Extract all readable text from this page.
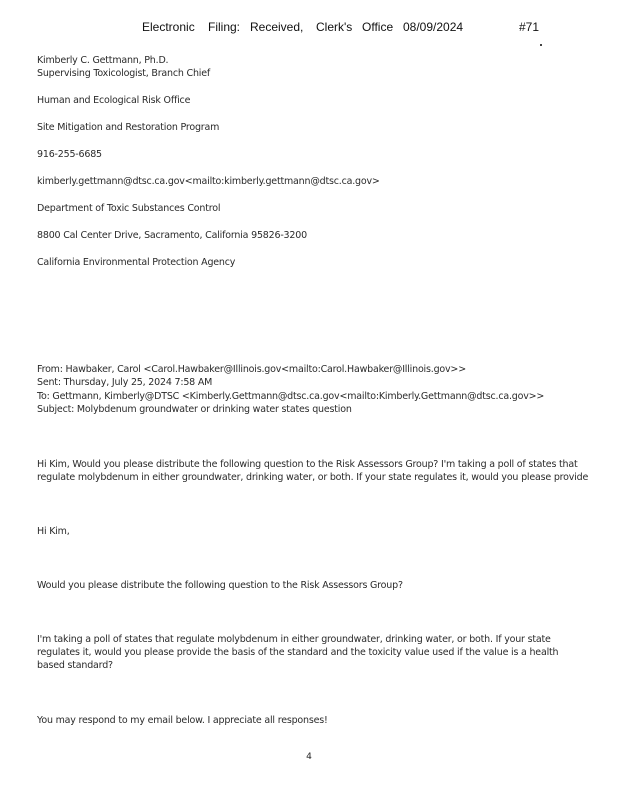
Electronic Filing: Received, Clerk's Office 08/09/2024	#71
Kimberly C. Gettmann, Ph.D.
Supervising Toxicologist, Branch Chief
Human and Ecological Risk Office
Site Mitigation and Restoration Program
916-255-6685
kimberly.gettmann@dtsc.ca.gov<mailto:kimberly.gettmann@dtsc.ca.gov>
Department of Toxic Substances Control
8800 Cal Center Drive, Sacramento, California 95826-3200
California Environmental Protection Agency
From: Hawbaker, Carol <Carol.Hawbaker@Illinois.gov<mailto:Carol.Hawbaker@Illinois.gov>>
Sent: Thursday, July 25, 2024 7:58 AM
To: Gettmann, Kimberly@DTSC <Kimberly.Gettmann@dtsc.ca.gov<mailto:Kimberly.Gettmann@dtsc.ca.gov>>
Subject: Molybdenum groundwater or drinking water states question
Hi Kim, Would you please distribute the following question to the Risk Assessors Group? I'm taking a poll of states that
regulate molybdenum in either groundwater, drinking water, or both. If your state regulates it, would you please provide
Hi Kim,
Would you please distribute the following question to the Risk Assessors Group?
I'm taking a poll of states that regulate molybdenum in either groundwater, drinking water, or both. If your state regulates it, would you please provide the basis of the standard and the toxicity value used if the value is a health based standard?
You may respond to my email below. I appreciate all responses!
4
